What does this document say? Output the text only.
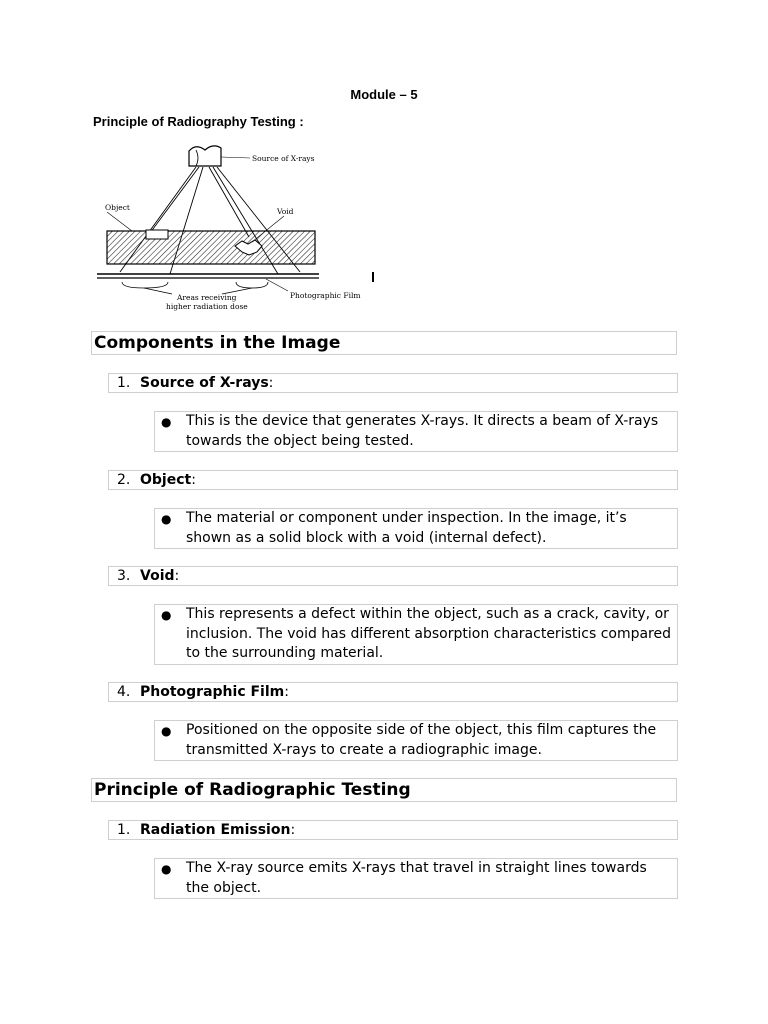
Module – 5
Principle of Radiography Testing :
Source of X-rays
Object	Void
Photographic Film
Areas receiving
higher radiation dose
Components in the Image
1. Source of X-rays:
● This is the device that generates X-rays. It directs a beam of X-rays towards the object being tested.
2. Object:
● The material or component under inspection. In the image, it’s shown as a solid block with a void (internal defect).
3. Void:
● This represents a defect within the object, such as a crack, cavity, or inclusion. The void has different absorption characteristics compared to the surrounding material.
4. Photographic Film:
● Positioned on the opposite side of the object, this film captures the transmitted X-rays to create a radiographic image.
Principle of Radiographic Testing
1. Radiation Emission:
● The X-ray source emits X-rays that travel in straight lines towards the object.
